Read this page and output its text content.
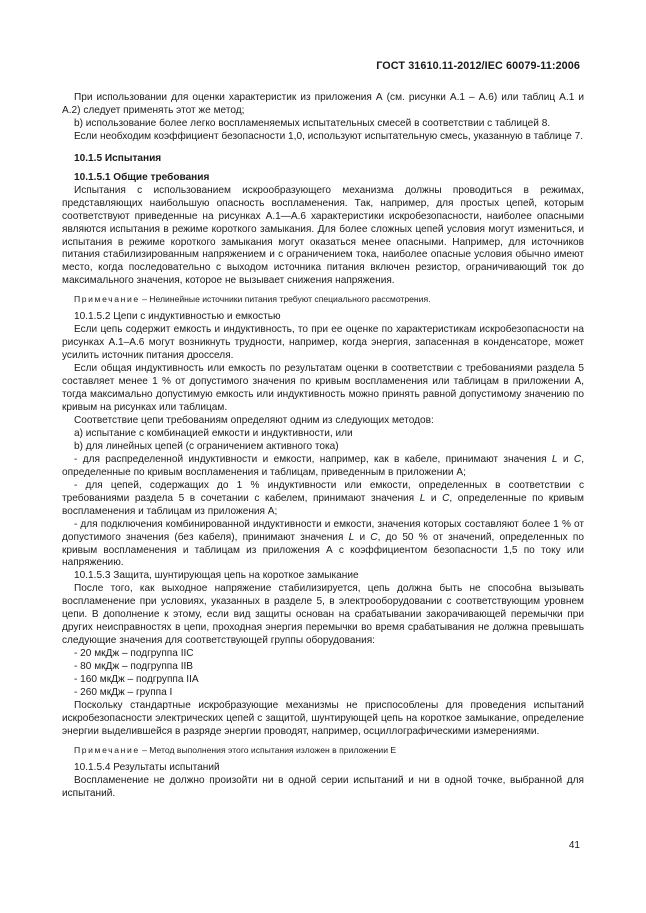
ГОСТ 31610.11-2012/IEC 60079-11:2006

При использовании для оценки характеристик из приложения А (см. рисунки А.1 – А.6) или таблиц А.1 и А.2) следует применять этот же метод;

b) использование более легко воспламеняемых испытательных смесей в соответствии с таблицей 8.

Если необходим коэффициент безопасности 1,0, используют испытательную смесь, указанную в таблице 7.

10.1.5 Испытания

10.1.5.1 Общие требования

Испытания с использованием искрообразующего механизма должны проводиться в режимах, представляющих наибольшую опасность воспламенения. Так, например, для простых цепей, которым соответствуют приведенные на рисунках А.1—А.6 характеристики искробезопасности, наиболее опасными являются испытания в режиме короткого замыкания. Для более сложных цепей условия могут измениться, и испытания в режиме короткого замыкания могут оказаться менее опасными. Например, для источников питания стабилизированным напряжением и с ограничением тока, наиболее опасные условия обычно имеют место, когда последовательно с выходом источника питания включен резистор, ограничивающий ток до максимального значения, которое не вызывает снижения напряжения.

Примечание – Нелинейные источники питания требуют специального рассмотрения.

10.1.5.2 Цепи с индуктивностью и емкостью

Если цепь содержит емкость и индуктивность, то при ее оценке по характеристикам искробезопасности на рисунках А.1–А.6 могут возникнуть трудности, например, когда энергия, запасенная в конденсаторе, может усилить источник питания дросселя.

Если общая индуктивность или емкость по результатам оценки в соответствии с требованиями раздела 5 составляет менее 1 % от допустимого значения по кривым воспламенения или таблицам в приложении А, тогда максимально допустимую емкость или индуктивность можно принять равной допустимому значению по кривым на рисунках или таблицам.

Соответствие цепи требованиям определяют одним из следующих методов:

a) испытание с комбинацией емкости и индуктивности, или

b) для линейных цепей (с ограничением активного тока)

- для распределенной индуктивности и емкости, например, как в кабеле, принимают значения L и C, определенные по кривым воспламенения и таблицам, приведенным в приложении А;

- для цепей, содержащих до 1 % индуктивности или емкости, определенных в соответствии с требованиями раздела 5 в сочетании с кабелем, принимают значения L и C, определенные по кривым воспламенения и таблицам из приложения А;

- для подключения комбинированной индуктивности и емкости, значения которых составляют более 1 % от допустимого значения (без кабеля), принимают значения L и C, до 50 % от значений, определенных по кривым воспламенения и таблицам из приложения А с коэффициентом безопасности 1,5 по току или напряжению.

10.1.5.3 Защита, шунтирующая цепь на короткое замыкание

После того, как выходное напряжение стабилизируется, цепь должна быть не способна вызывать воспламенение при условиях, указанных в разделе 5, в электрооборудовании с соответствующим уровнем цепи. В дополнение к этому, если вид защиты основан на срабатывании закорачивающей перемычки при других неисправностях в цепи, проходная энергия перемычки во время срабатывания не должна превышать следующие значения для соответствующей группы оборудования:

- 20 мкДж – подгруппа IIC

- 80 мкДж – подгруппа IIB

- 160 мкДж – подгруппа IIA

- 260 мкДж – группа I

Поскольку стандартные искробразующие механизмы не приспособлены для проведения испытаний искробезопасности электрических цепей с защитой, шунтирующей цепь на короткое замыкание, определение энергии выделившейся в разряде энергии проводят, например, осциллографическими измерениями.

Примечание – Метод выполнения этого испытания изложен в приложении Е

10.1.5.4 Результаты испытаний

Воспламенение не должно произойти ни в одной серии испытаний и ни в одной точке, выбранной для испытаний.

41
